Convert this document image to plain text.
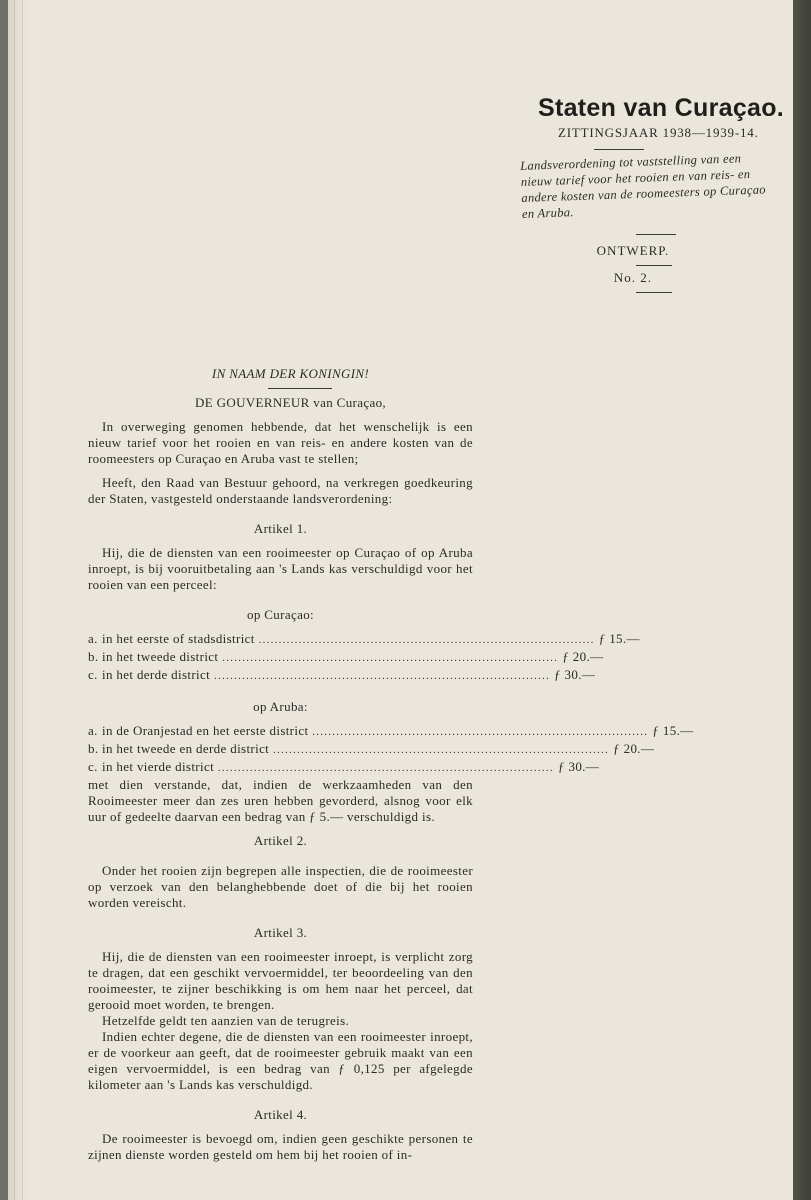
Staten van Curaçao.
ZITTINGSJAAR 1938—1939-14.
Landsverordening tot vaststelling van een nieuw tarief voor het rooien en van reis- en andere kosten van de roomeesters op Curaçao en Aruba.
ONTWERP.
No. 2.
IN NAAM DER KONINGIN!
DE GOUVERNEUR van Curaçao,

In overweging genomen hebbende, dat het wenschelijk is een nieuw tarief voor het rooien en van reis- en andere kosten van de roomeesters op Curaçao en Aruba vast te stellen;

Heeft, den Raad van Bestuur gehoord, na verkregen goedkeuring der Staten, vastgesteld onderstaande landsverordening:

Artikel 1.

Hij, die de diensten van een rooimeester op Curaçao of op Aruba inroept, is bij vooruitbetaling aan 's Lands kas verschuldigd voor het rooien van een perceel:

op Curaçao:
a. in het eerste of stadsdistrict .................................................................................... ƒ 15.—
b. in het tweede district .................................................................................... ƒ 20.—
c. in het derde district .................................................................................... ƒ 30.—
op Aruba:
a. in de Oranjestad en het eerste district .................................................................................... ƒ 15.—
b. in het tweede en derde district .................................................................................... ƒ 20.—
c. in het vierde district .................................................................................... ƒ 30.—

met dien verstande, dat, indien de werkzaamheden van den Rooimeester meer dan zes uren hebben gevorderd, alsnog voor elk uur of gedeelte daarvan een bedrag van ƒ 5.— verschuldigd is.

Artikel 2.

Onder het rooien zijn begrepen alle inspectien, die de rooimeester op verzoek van den belanghebbende doet of die bij het rooien worden vereischt.

Artikel 3.

Hij, die de diensten van een rooimeester inroept, is verplicht zorg te dragen, dat een geschikt vervoermiddel, ter beoordeeling van den rooimeester, te zijner beschikking is om hem naar het perceel, dat gerooid moet worden, te brengen.

Hetzelfde geldt ten aanzien van de terugreis.

Indien echter degene, die de diensten van een rooimeester inroept, er de voorkeur aan geeft, dat de rooimeester gebruik maakt van een eigen vervoermiddel, is een bedrag van ƒ 0,125 per afgelegde kilometer aan 's Lands kas verschuldigd.

Artikel 4.

De rooimeester is bevoegd om, indien geen geschikte personen te zijnen dienste worden gesteld om hem bij het rooien of in-
